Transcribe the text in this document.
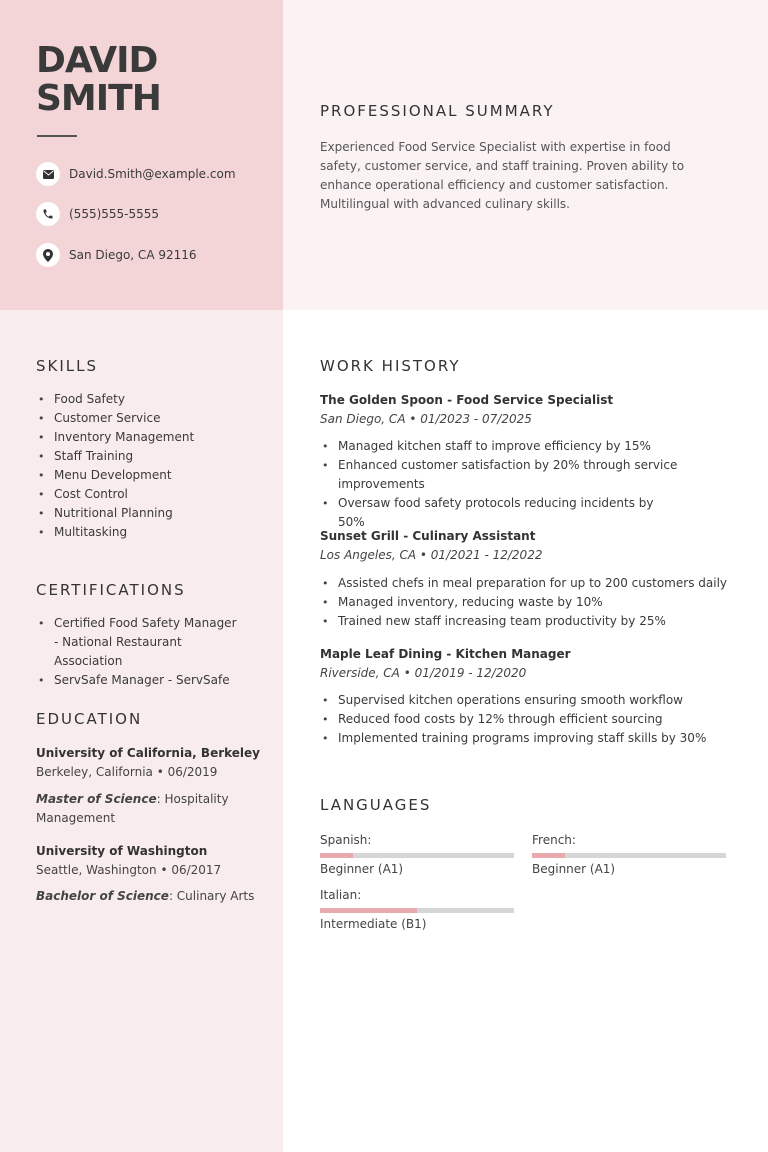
DAVID
SMITH
David.Smith@example.com
(555)555-5555
San Diego, CA 92116
PROFESSIONAL SUMMARY

Experienced Food Service Specialist with expertise in food safety, customer service, and staff training. Proven ability to enhance operational efficiency and customer satisfaction. Multilingual with advanced culinary skills.

SKILLS
• Food Safety
• Customer Service
• Inventory Management
• Staff Training
• Menu Development
• Cost Control
• Nutritional Planning
• Multitasking
CERTIFICATIONS
• Certified Food Safety Manager - National Restaurant Association
• ServSafe Manager - ServSafe
EDUCATION

University of California, Berkeley

Berkeley, California • 06/2019

Master of Science: Hospitality Management

University of Washington

Seattle, Washington • 06/2017

Bachelor of Science: Culinary Arts

WORK HISTORY

The Golden Spoon - Food Service Specialist

San Diego, CA • 01/2023 - 07/2025

• Managed kitchen staff to improve efficiency by 15%
• Enhanced customer satisfaction by 20% through service improvements
• Oversaw food safety protocols reducing incidents by 50%

Sunset Grill - Culinary Assistant

Los Angeles, CA • 01/2021 - 12/2022

• Assisted chefs in meal preparation for up to 200 customers daily
• Managed inventory, reducing waste by 10%
• Trained new staff increasing team productivity by 25%

Maple Leaf Dining - Kitchen Manager

Riverside, CA • 01/2019 - 12/2020

• Supervised kitchen operations ensuring smooth workflow
• Reduced food costs by 12% through efficient sourcing
• Implemented training programs improving staff skills by 30%
LANGUAGES

Spanish:

Beginner (A1)

French:

Beginner (A1)

Italian:

Intermediate (B1)
